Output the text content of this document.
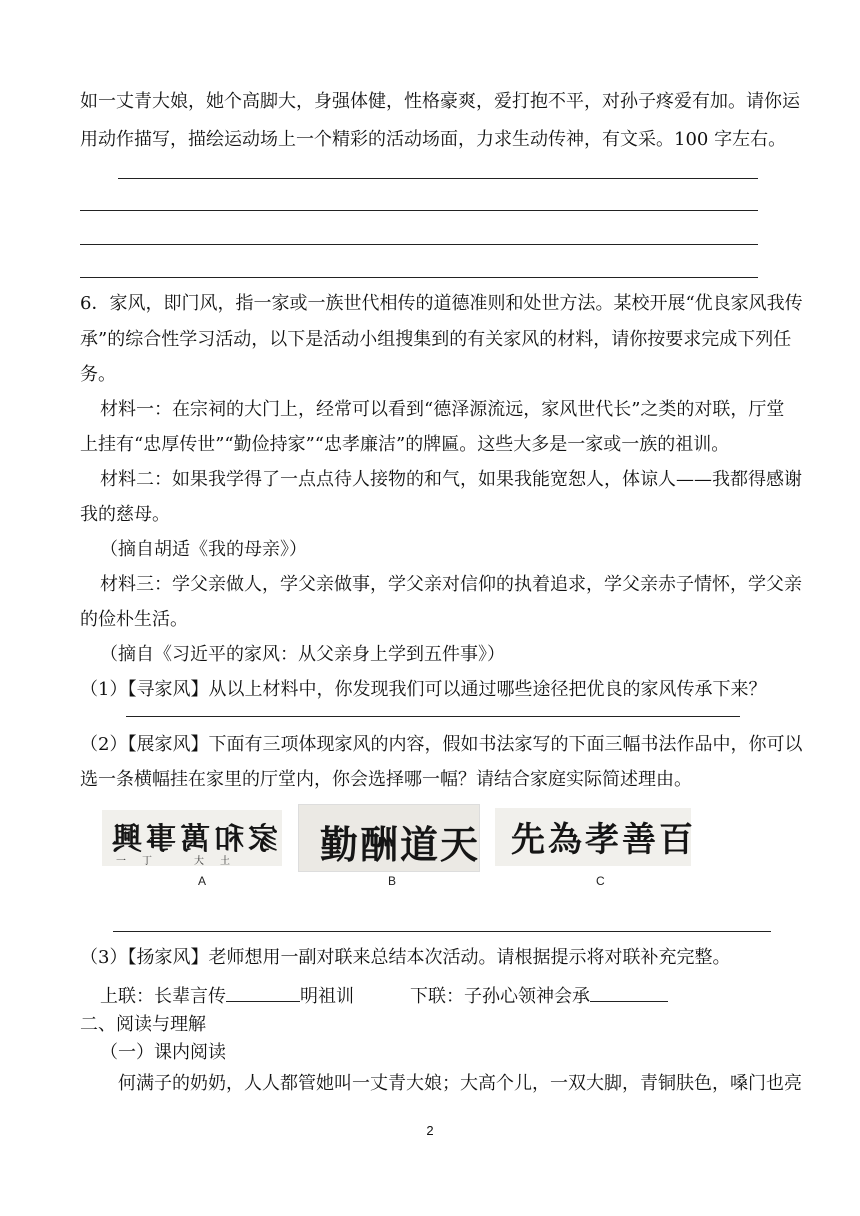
如一丈青大娘，她个高脚大，身强体健，性格豪爽，爱打抱不平，对孙子疼爱有加。请你运
用动作描写，描绘运动场上一个精彩的活动场面，力求生动传神，有文采。100 字左右。
6．家风，即门风，指一家或一族世代相传的道德准则和处世方法。某校开展“优良家风我传
承”的综合性学习活动，以下是活动小组搜集到的有关家风的材料，请你按要求完成下列任
务。
材料一：在宗祠的大门上，经常可以看到“德泽源流远，家风世代长”之类的对联，厅堂
上挂有“忠厚传世”“勤俭持家”“忠孝廉洁”的牌匾。这些大多是一家或一族的祖训。
材料二：如果我学得了一点点待人接物的和气，如果我能宽恕人，体谅人——我都得感谢
我的慈母。
（摘自胡适《我的母亲》）
材料三：学父亲做人，学父亲做事，学父亲对信仰的执着追求，学父亲赤子情怀，学父亲
的俭朴生活。
（摘自《习近平的家风：从父亲身上学到五件事》）
（1）【寻家风】从以上材料中，你发现我们可以通过哪些途径把优良的家风传承下来？
（2）【展家风】下面有三项体现家风的内容，假如书法家写的下面三幅书法作品中，你可以
选一条横幅挂在家里的厅堂内，你会选择哪一幅？请结合家庭实际简述理由。
家和萬事興
一　丁　　　大　土
A
天道酬勤
B
百善孝為先
C
（3）【扬家风】老师想用一副对联来总结本次活动。请根据提示将对联补充完整。
上联：长辈言传	明祖训	下联：子孙心领神会承
二、阅读与理解
（一）课内阅读
何满子的奶奶，人人都管她叫一丈青大娘；大高个儿，一双大脚，青铜肤色，嗓门也亮
2
